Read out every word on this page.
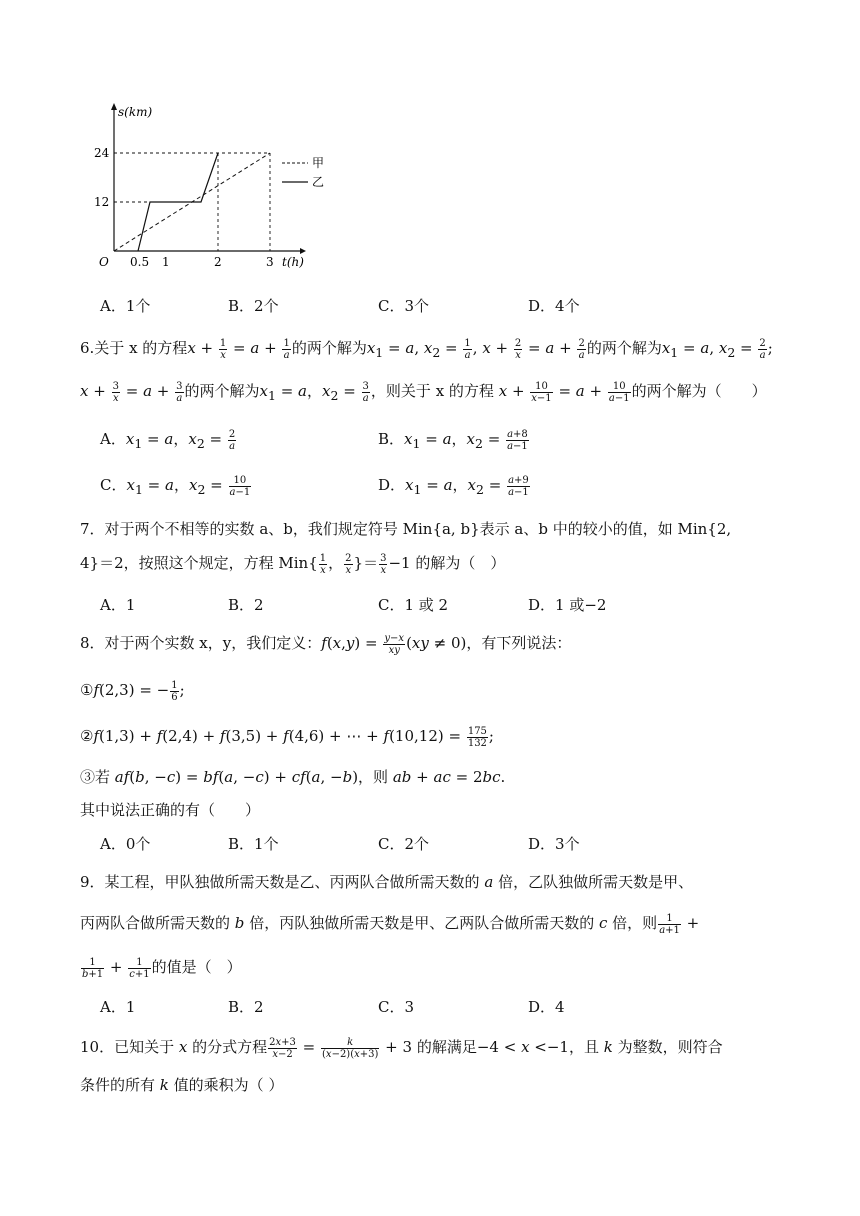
s(km)
t(h)
O
24
12
0.5 1	2	3
甲
乙
A．1个	B．2个	C．3个	D．4个
6.关于 x 的方程$x + \frac{1}{x} = a + \frac{1}{a}$ 的两个解为$x_1 = a$, $x_2 = \frac{1}{a}$ , $x + \frac{2}{x} = a + \frac{2}{a}$ 的两个解为$x_1 = a$, $x_2 = \frac{2}{a}$ ;
$x + \frac{3}{x} = a + \frac{3}{a}$ 的两个解为$x_1 = a$，$x_2 = \frac{3}{a}$ ，则关于 x 的方程 $x + \frac{10}{x-1} = a + \frac{10}{a-1}$ 的两个解为（　　）
A．$x_1 = a$，$x_2 = \frac{2}{a}$	B．$x_1 = a$，$x_2 = \frac{a+8}{a-1}$
C．$x_1 = a$，$x_2 = \frac{10}{a-1}$	D．$x_1 = a$，$x_2 = \frac{a+9}{a-1}$
7．对于两个不相等的实数 a、b，我们规定符号 Min{a, b}表示 a、b 中的较小的值，如 Min{2,
4}＝2，按照这个规定，方程 $Min\{ \frac{1}{x}$ ， $\frac{2}{x}$ }＝ $\frac{3}{x} -1$ 的解为（　）
A．1	B．2	C．1 或 2	D．1 或−2
8．对于两个实数 x，y，我们定义：$f(x,y) = \frac{y-x}{xy} (xy \ne 0)$，有下列说法：
①f(2,3) = − $\frac{1}{6}$ ;
②f(1,3) + f(2,4) + f(3,5) + f(4,6) + ⋯ + $f(10,12) = \frac{175}{132}$ ;
③若 af(b, −c) = bf(a, −c) + cf(a, −b)，则 ab + ac = 2bc.
其中说法正确的有（　　）
A．0个	B．1个	C．2个	D．3个
9．某工程，甲队独做所需天数是乙、丙两队合做所需天数的 a 倍，乙队独做所需天数是甲、
丙两队合做所需天数的 b 倍，丙队独做所需天数是甲、乙两队合做所需天数的 c 倍，则 $\frac{1}{a+1}$ +
$\frac{1}{b+1} + \frac{1}{c+1}$ 的值是（　）
A．1	B．2	C．3	D．4
10．已知关于 x 的分式方程 $\frac{2x+3}{x-2} = \frac{k}{(x-2)(x+3)} + 3$ 的解满足−4 < x <−1，且 k 为整数，则符合
条件的所有 k 值的乘积为（ ）
